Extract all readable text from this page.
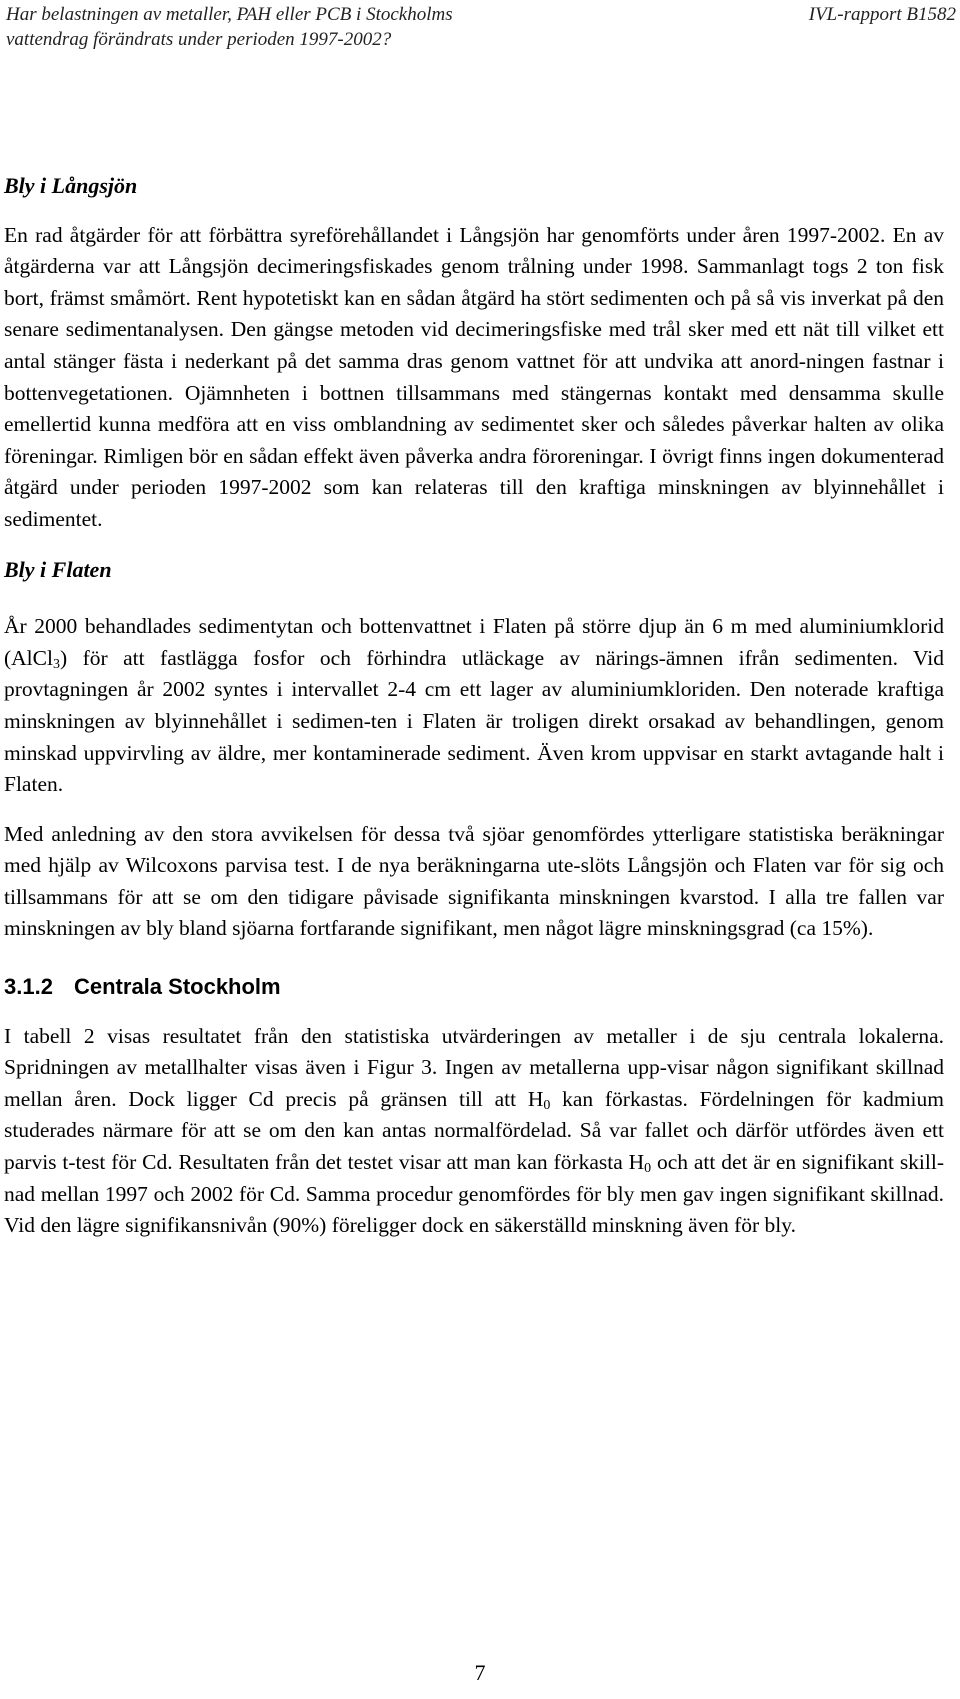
Har belastningen av metaller, PAH eller PCB i Stockholms	IVL-rapport B1582
vattendrag förändrats under perioden 1997-2002?
Bly i Långsjön

En rad åtgärder för att förbättra syreförehållandet i Långsjön har genomförts under åren 1997-2002. En av åtgärderna var att Långsjön decimeringsfiskades genom trålning under 1998. Sammanlagt togs 2 ton fisk bort, främst småmört. Rent hypotetiskt kan en sådan åtgärd ha stört sedimenten och på så vis inverkat på den senare sedimentanalysen. Den gängse metoden vid decimeringsfiske med trål sker med ett nät till vilket ett antal stänger fästa i nederkant på det samma dras genom vattnet för att undvika att anord-ningen fastnar i bottenvegetationen. Ojämnheten i bottnen tillsammans med stängernas kontakt med densamma skulle emellertid kunna medföra att en viss omblandning av sedimentet sker och således påverkar halten av olika föreningar. Rimligen bör en sådan effekt även påverka andra föroreningar. I övrigt finns ingen dokumenterad åtgärd under perioden 1997-2002 som kan relateras till den kraftiga minskningen av blyinnehållet i sedimentet.

Bly i Flaten

År 2000 behandlades sedimentytan och bottenvattnet i Flaten på större djup än 6 m med aluminiumklorid (AlCl$_3$) för att fastlägga fosfor och förhindra utläckage av närings-ämnen ifrån sedimenten. Vid provtagningen år 2002 syntes i intervallet 2-4 cm ett lager av aluminiumkloriden. Den noterade kraftiga minskningen av blyinnehållet i sedimen-ten i Flaten är troligen direkt orsakad av behandlingen, genom minskad uppvirvling av äldre, mer kontaminerade sediment. Även krom uppvisar en starkt avtagande halt i Flaten.

Med anledning av den stora avvikelsen för dessa två sjöar genomfördes ytterligare statistiska beräkningar med hjälp av Wilcoxons parvisa test. I de nya beräkningarna ute-slöts Långsjön och Flaten var för sig och tillsammans för att se om den tidigare påvisade signifikanta minskningen kvarstod. I alla tre fallen var minskningen av bly bland sjöarna fortfarande signifikant, men något lägre minskningsgrad (ca 15%).

3.1.2 Centrala Stockholm

I tabell 2 visas resultatet från den statistiska utvärderingen av metaller i de sju centrala lokalerna. Spridningen av metallhalter visas även i Figur 3. Ingen av metallerna upp-visar någon signifikant skillnad mellan åren. Dock ligger Cd precis på gränsen till att $H_0$ kan förkastas. Fördelningen för kadmium studerades närmare för att se om den kan antas normalfördelad. Så var fallet och därför utfördes även ett parvis t-test för Cd. Resultaten från det testet visar att man kan förkasta $H_0$ och att det är en signifikant skill-nad mellan 1997 och 2002 för Cd. Samma procedur genomfördes för bly men gav ingen signifikant skillnad. Vid den lägre signifikansnivån (90%) föreligger dock en säkerställd minskning även för bly.

7
